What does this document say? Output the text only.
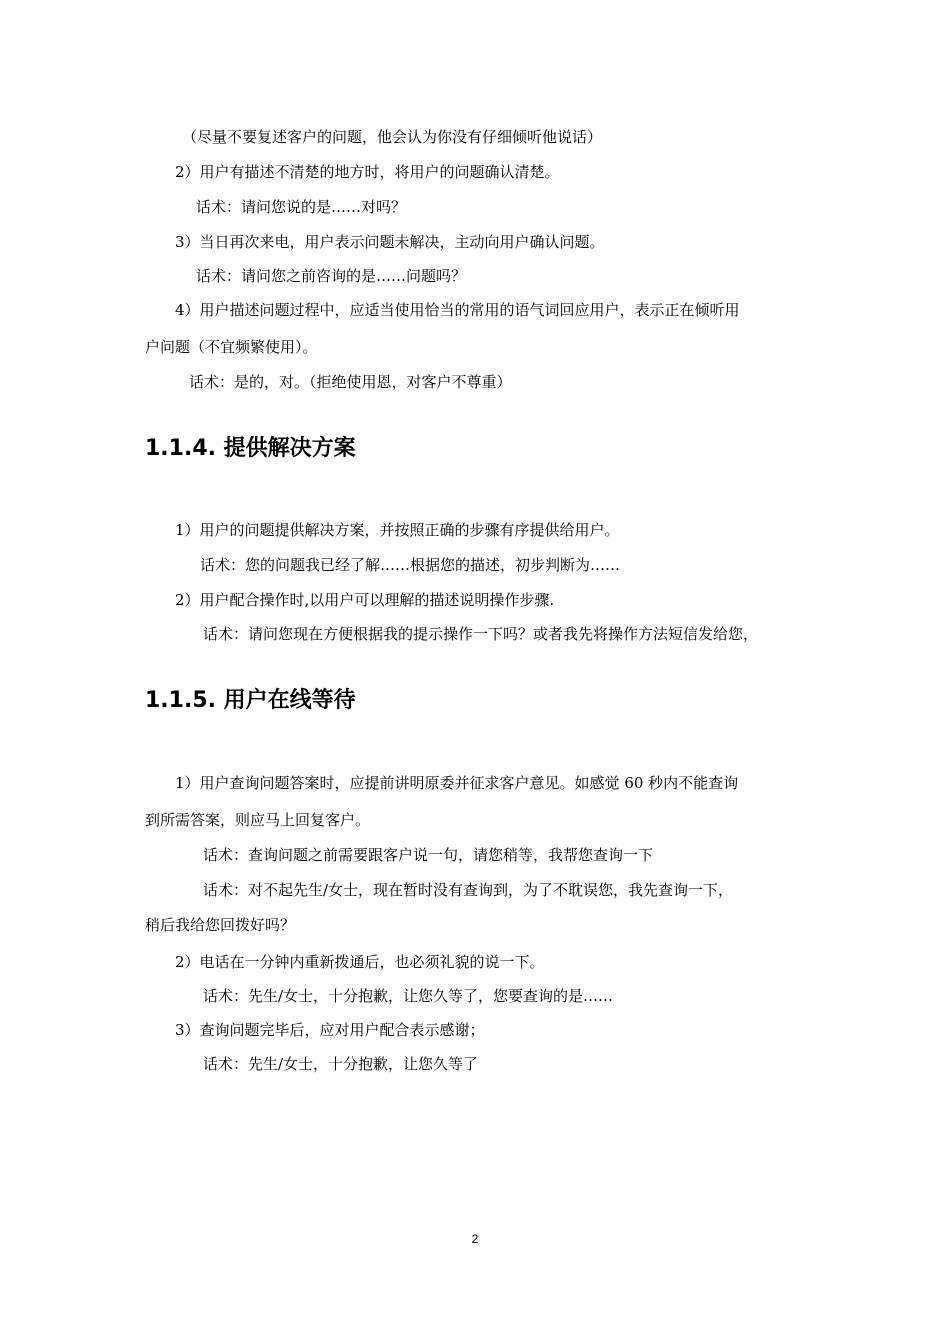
（尽量不要复述客户的问题，他会认为你没有仔细倾听他说话）
2）用户有描述不清楚的地方时，将用户的问题确认清楚。
话术：请问您说的是……对吗？
3）当日再次来电，用户表示问题未解决，主动向用户确认问题。
话术：请问您之前咨询的是……问题吗？
4）用户描述问题过程中，应适当使用恰当的常用的语气词回应用户，表示正在倾听用
户问题（不宜频繁使用）。
话术：是的，对。（拒绝使用恩，对客户不尊重）
1.1.4. 提供解决方案
1）用户的问题提供解决方案，并按照正确的步骤有序提供给用户。
话术：您的问题我已经了解……根据您的描述，初步判断为……
2）用户配合操作时,以用户可以理解的描述说明操作步骤.
话术：请问您现在方便根据我的提示操作一下吗？或者我先将操作方法短信发给您，
1.1.5. 用户在线等待
1）用户查询问题答案时，应提前讲明原委并征求客户意见。如感觉 60 秒内不能查询
到所需答案，则应马上回复客户。
话术：查询问题之前需要跟客户说一句，请您稍等，我帮您查询一下
话术：对不起先生/女士，现在暂时没有查询到，为了不耽误您，我先查询一下，
稍后我给您回拨好吗？
2）电话在一分钟内重新拨通后，也必须礼貌的说一下。
话术：先生/女士，十分抱歉，让您久等了，您要查询的是……
3）查询问题完毕后，应对用户配合表示感谢；
话术：先生/女士，十分抱歉，让您久等了
2
